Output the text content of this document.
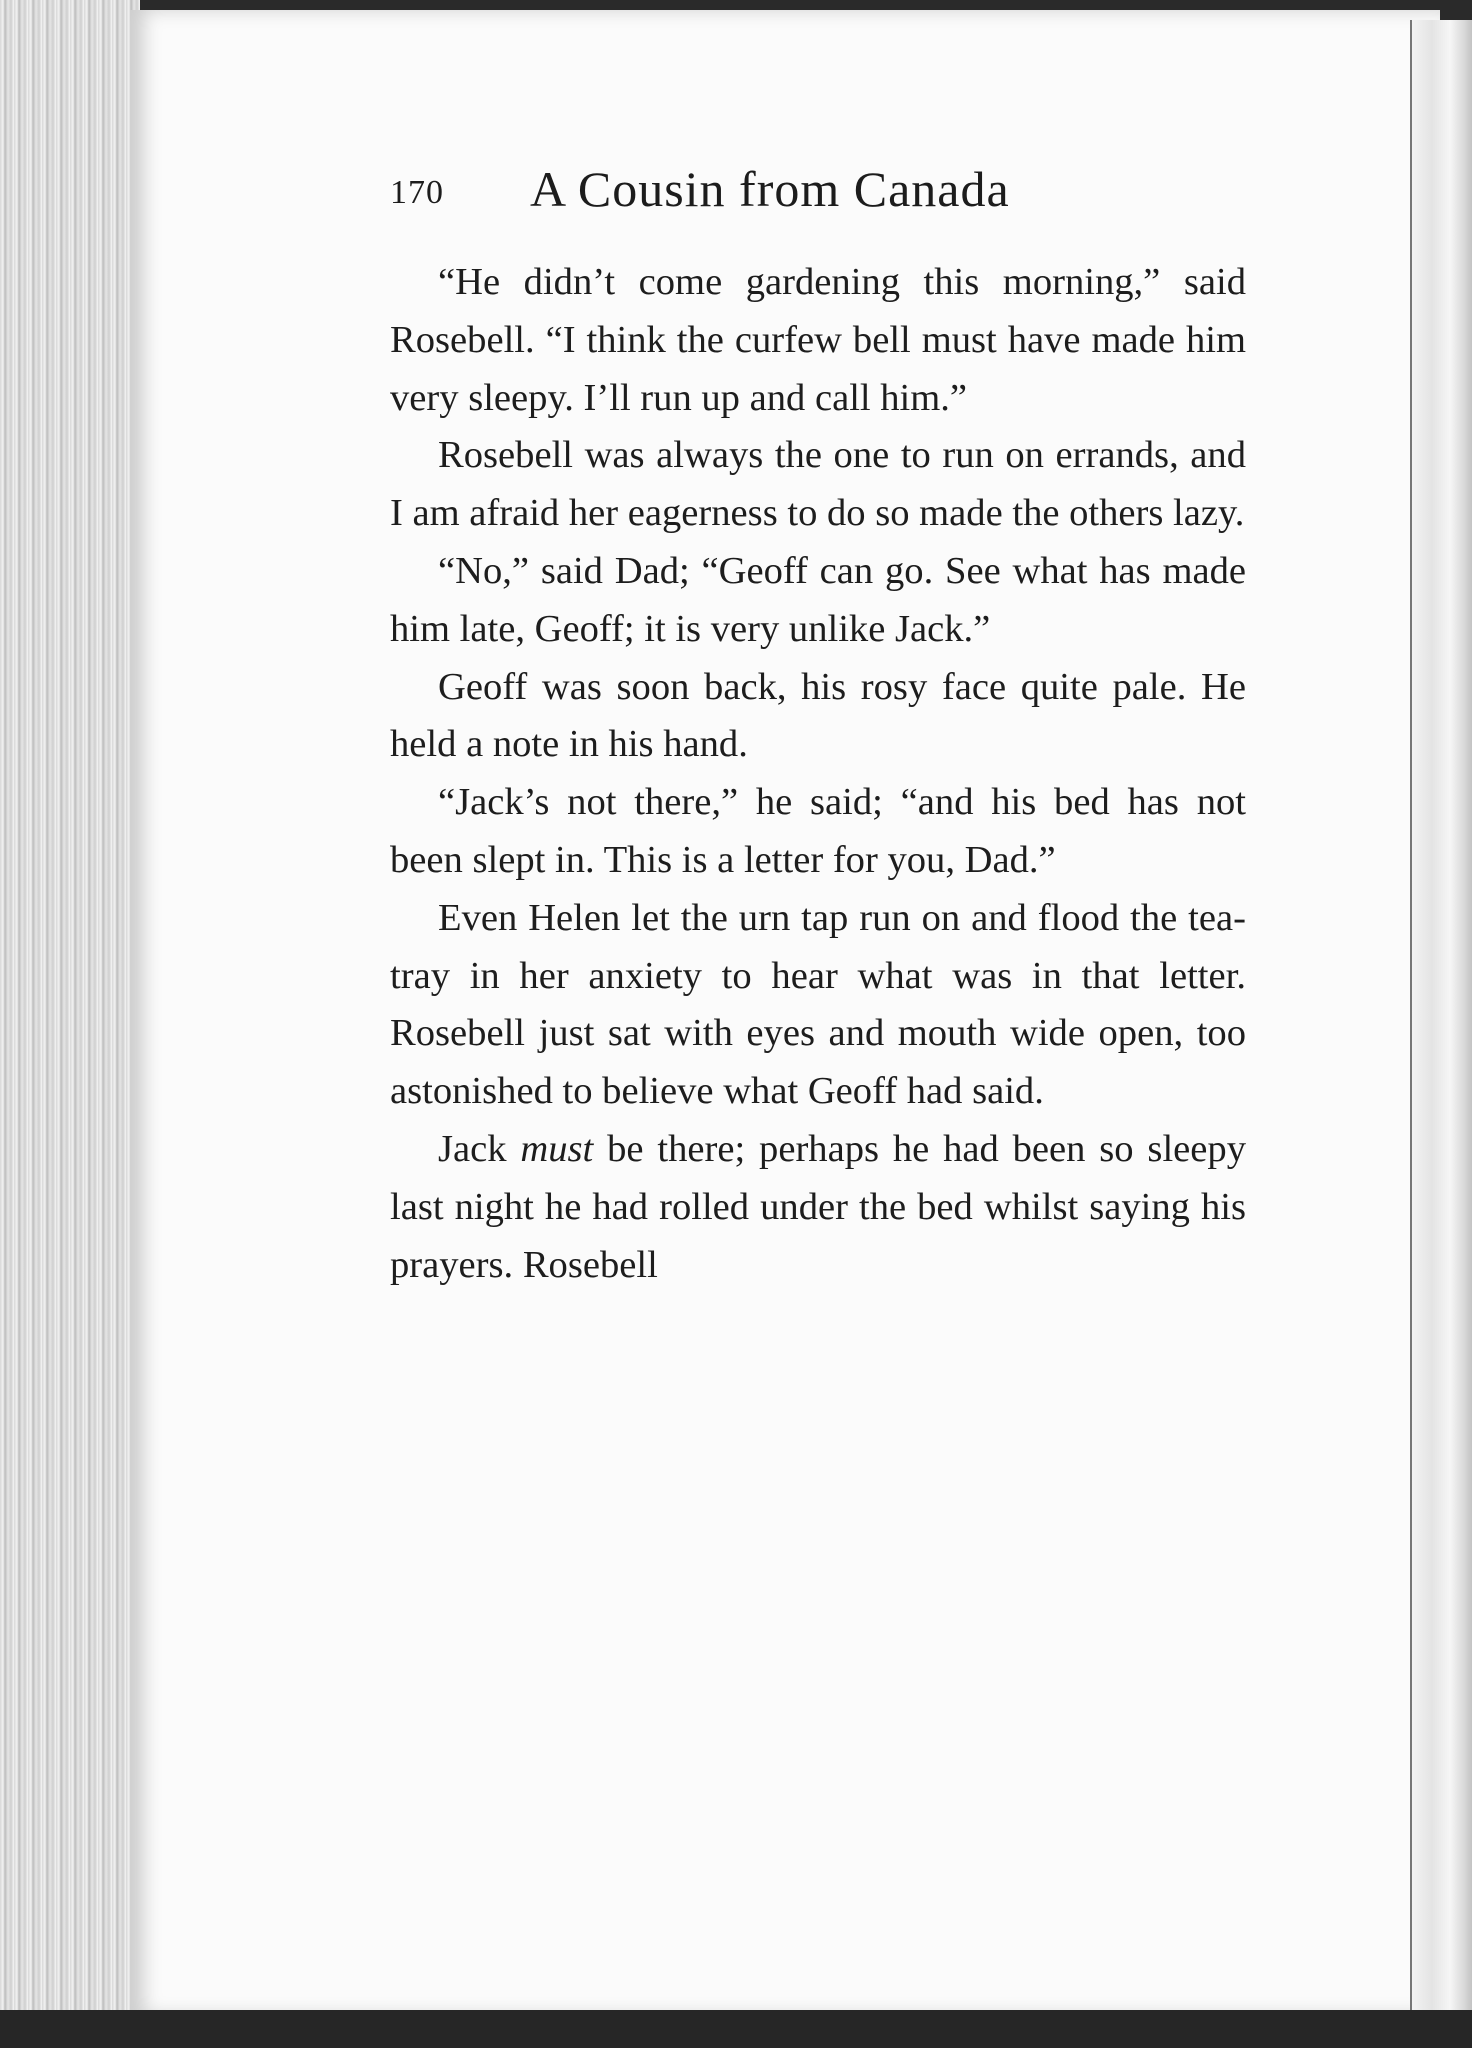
170 A Cousin from Canada

“He didn’t come gardening this morning,” said Rosebell. “I think the curfew bell must have made him very sleepy. I’ll run up and call him.”

Rosebell was always the one to run on errands, and I am afraid her eagerness to do so made the others lazy.

“No,” said Dad; “Geoff can go. See what has made him late, Geoff; it is very unlike Jack.”

Geoff was soon back, his rosy face quite pale. He held a note in his hand.

“Jack’s not there,” he said; “and his bed has not been slept in. This is a letter for you, Dad.”

Even Helen let the urn tap run on and flood the tea-tray in her anxiety to hear what was in that letter. Rosebell just sat with eyes and mouth wide open, too astonished to believe what Geoff had said.

Jack must be there; perhaps he had been so sleepy last night he had rolled under the bed whilst saying his prayers. Rosebell
